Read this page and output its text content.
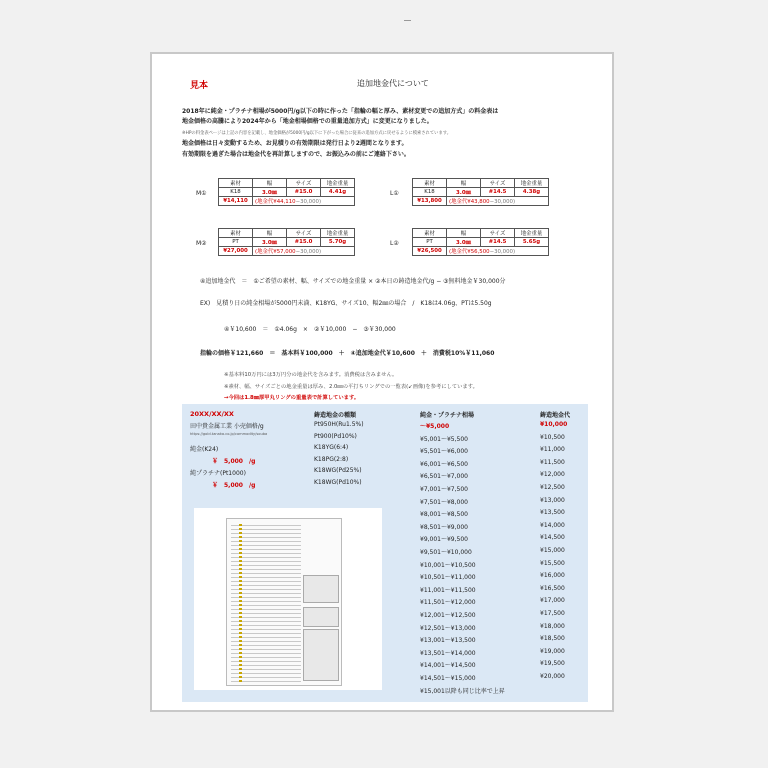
見本	追加地金代について
2018年に純金・プラチナ相場が5000円/g以下の時に作った「指輪の幅と厚み、素材変更での追加方式」の料金表は
地金価格の高騰により2024年から「地金相場価格での重量追加方式」に変更になりました。
※HPの料金表ページは上記の内容を記載し、地金価格が5000円/g以下に下がった場合に従来の追加方式に戻せるように模索されています。
地金価格は日々変動するため、お見積りの有効期限は発行日より2週間となります。
有効期限を過ぎた場合は地金代を再計算しますので、お振込みの前にご連絡下さい。
M①
素材	幅	サイズ	地金重量
K18	3.0㎜	#15.0	4.41g
¥14,110	(地金代¥44,110−30,000)		
L①
素材	幅	サイズ	地金重量
K18	3.0㎜	#14.5	4.38g
¥13,800	(地金代¥43,800−30,000)		
M②
素材	幅	サイズ	地金重量
PT	3.0㎜	#15.0	5.70g
¥27,000	(地金代¥57,000−30,000)		
L②
素材	幅	サイズ	地金重量
PT	3.0㎜	#14.5	5.65g
¥26,500	(地金代¥56,500−30,000)		
④追加地金代　＝　①ご希望の素材、幅、サイズでの地金重量 × ②本日の鋳造地金代/g − ③無料地金￥30,000分
EX)　見積り日の純金相場が5000円未満、K18YG、サイズ10、幅2㎜の場合　/　K18は4.06g、PTは5.50g
④￥10,600　＝　①4.06g　×　②￥10,000　−　③￥30,000
指輪の価格￥121,660　＝　基本料￥100,000　＋　④追加地金代￥10,600　＋　消費税10%￥11,060
※基本料10万円には3万円分の地金代を含みます。消費税は含みません。
※素材、幅、サイズごとの地金重量は厚み、2.0㎜の平打ちリングでの一覧表(↙画像)を参考にしています。
→今回は1.8㎜厚甲丸リングの重量表で計算しています。
20XX/XX/XX
田中貴金属工業 小売価格/g
https://gold.tanaka.co.jp/commodity/souba
純金(K24)
￥　5,000　/g
純プラチナ(Pt1000)
￥　5,000　/g
鋳造地金の種類
Pt950H(Ru1.5%)
Pt900(Pd10%)
K18YG(6:4)
K18PG(2:8)
K18WG(Pd25%)
K18WG(Pd10%)
純金・プラチナ相場	鋳造地金代
〜¥5,000	¥10,000
¥5,001〜¥5,500	¥10,500
¥5,501〜¥6,000	¥11,000
¥6,001〜¥6,500	¥11,500
¥6,501〜¥7,000	¥12,000
¥7,001〜¥7,500	¥12,500
¥7,501〜¥8,000	¥13,000
¥8,001〜¥8,500	¥13,500
¥8,501〜¥9,000	¥14,000
¥9,001〜¥9,500	¥14,500
¥9,501〜¥10,000	¥15,000
¥10,001〜¥10,500	¥15,500
¥10,501〜¥11,000	¥16,000
¥11,001〜¥11,500	¥16,500
¥11,501〜¥12,000	¥17,000
¥12,001〜¥12,500	¥17,500
¥12,501〜¥13,000	¥18,000
¥13,001〜¥13,500	¥18,500
¥13,501〜¥14,000	¥19,000
¥14,001〜¥14,500	¥19,500
¥14,501〜¥15,000	¥20,000
¥15,001以降も同じ比率で上昇
